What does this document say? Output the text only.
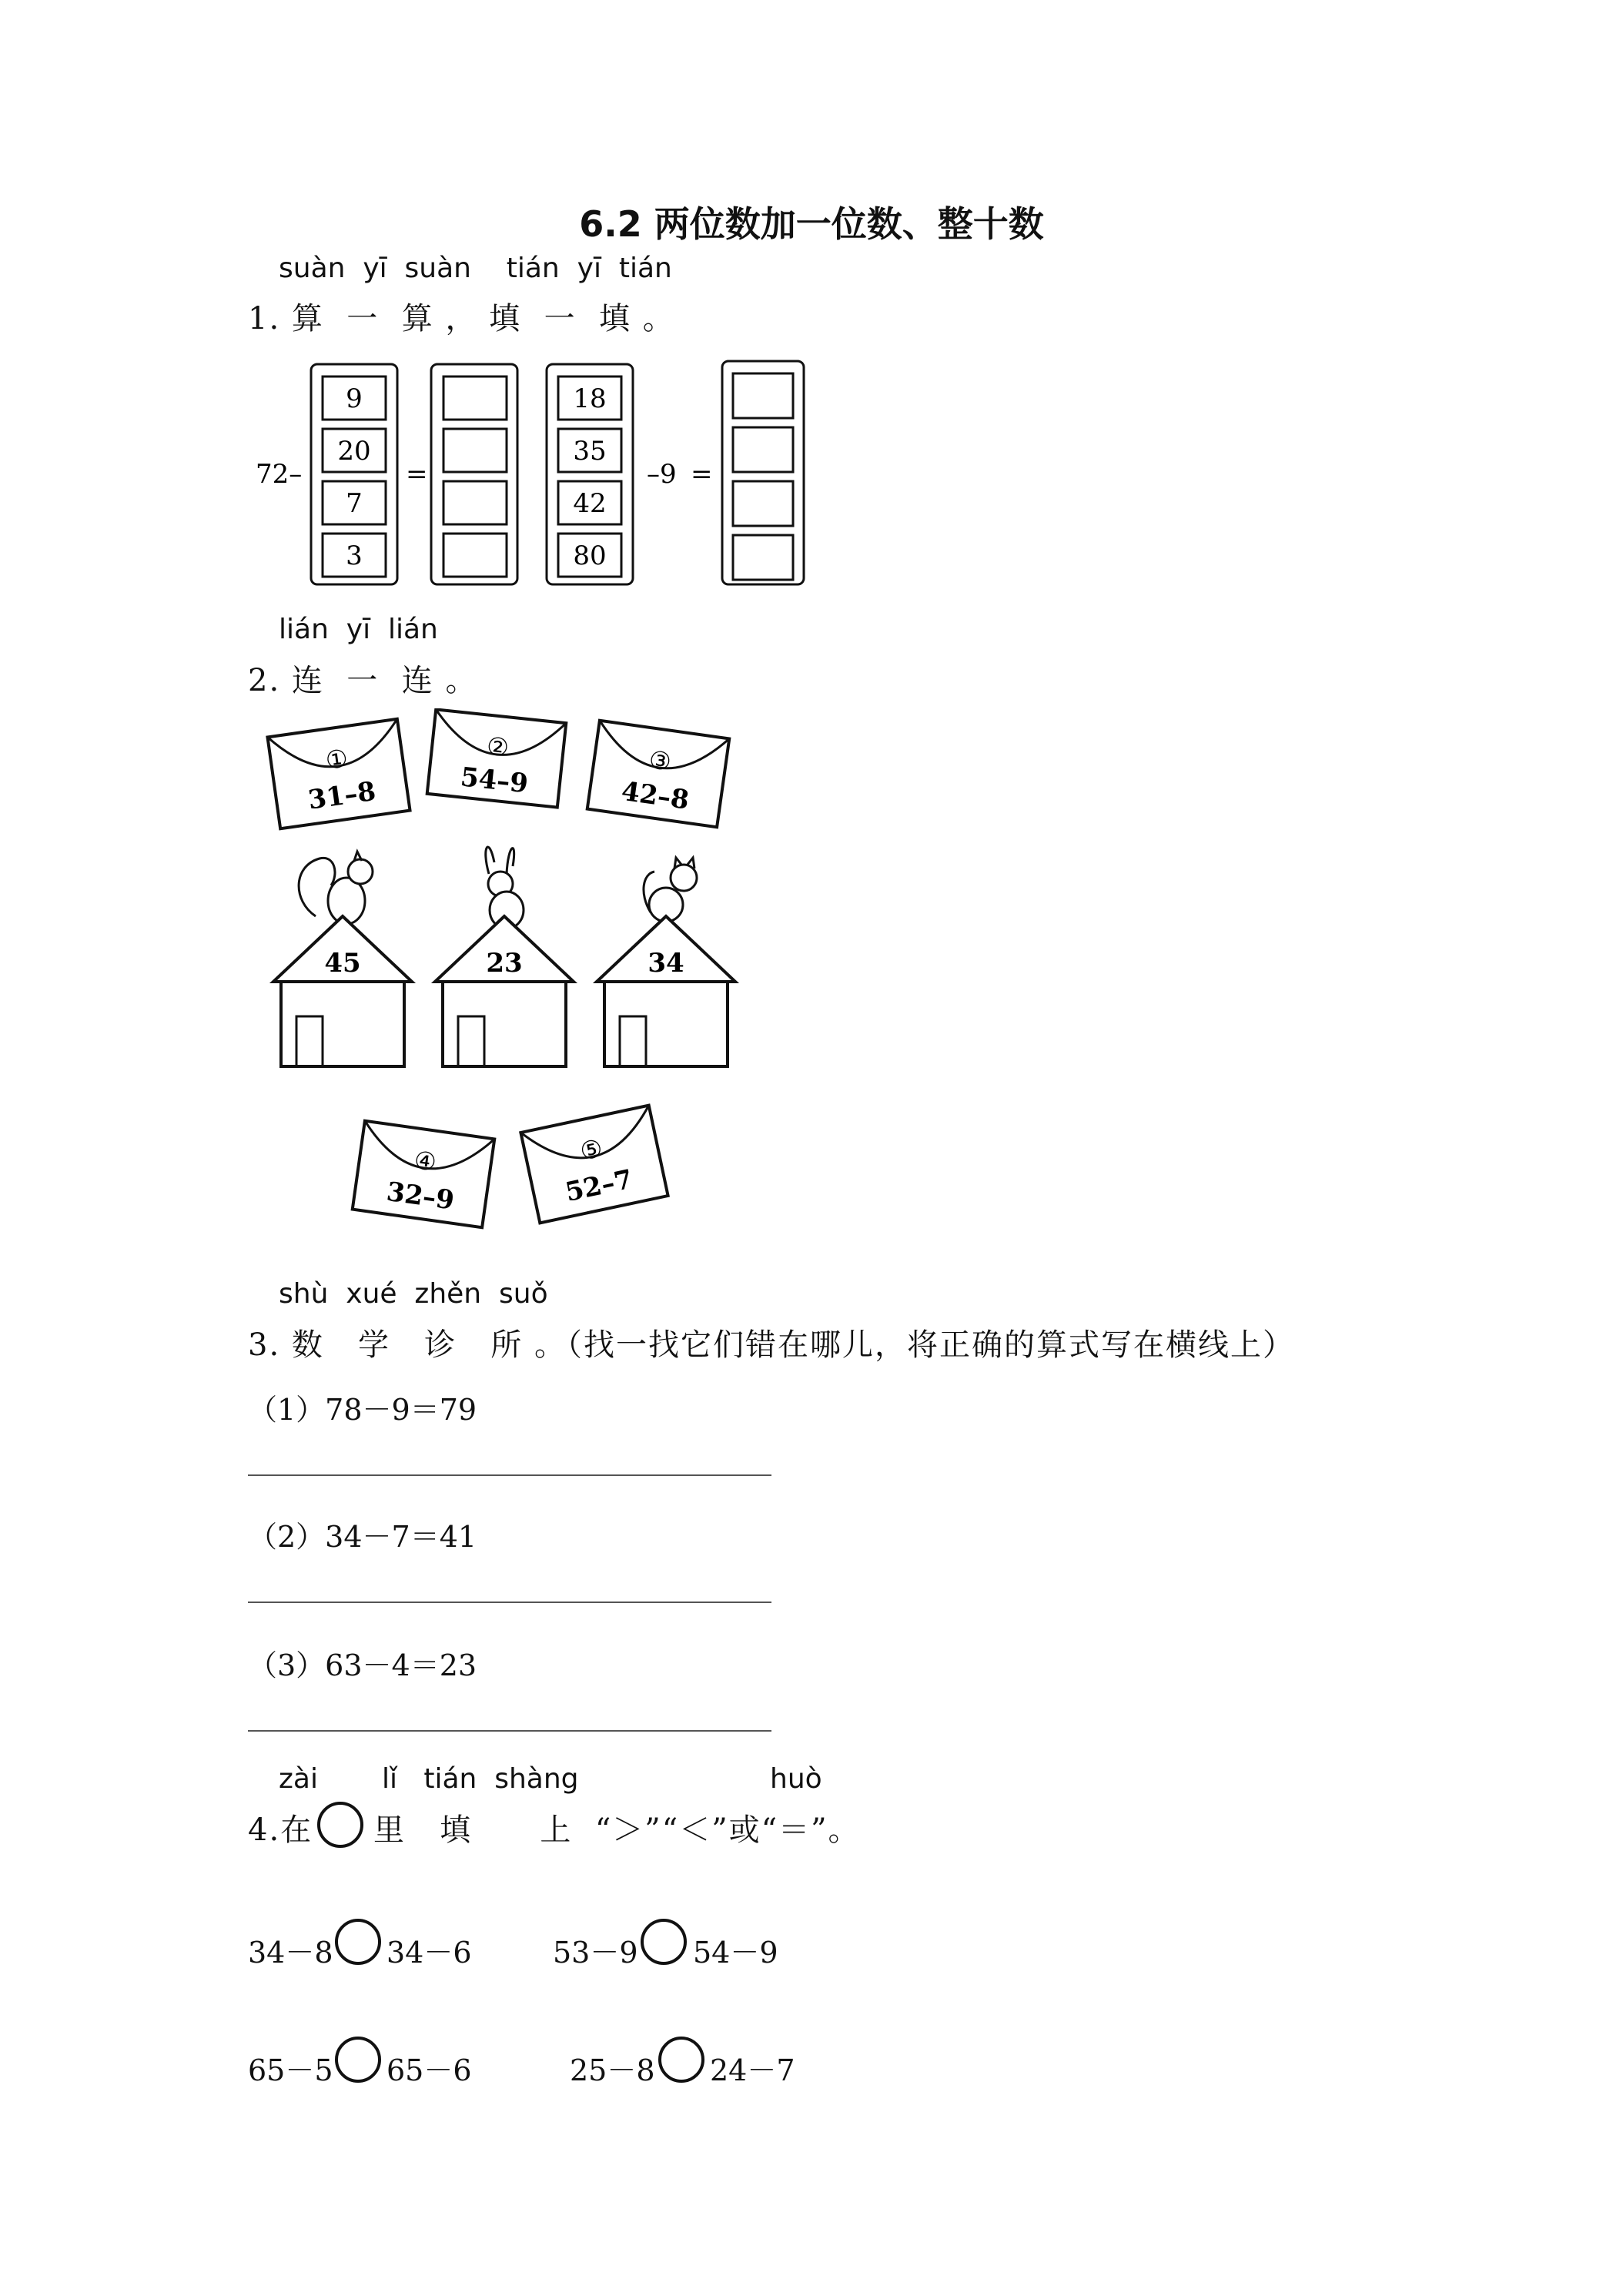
6.2 两位数加一位数、整十数
suàn  yī  suàn    tián  yī  tián
1. 算  一  算 ， 填  一  填 。
72–
9
20
7
3
=
18
35
42
80
–9 =
lián  yī  lián
2. 连  一  连 。
①
31–8
②
54–9
③
42–8
45	23	34
④
32–9
⑤
52–7
shù  xué  zhěn  suǒ
3. 数   学   诊   所 。（找一找它们错在哪儿，将正确的算式写在横线上）
（1）78－9＝79
（2）34－7＝41
（3）63－4＝23
zài lǐ   tián  shàng	huò
4.在 里   填      上  “＞”“＜”或“＝”。
34－8 34－6	53－9 54－9
65－5 65－6	25－8 24－7
